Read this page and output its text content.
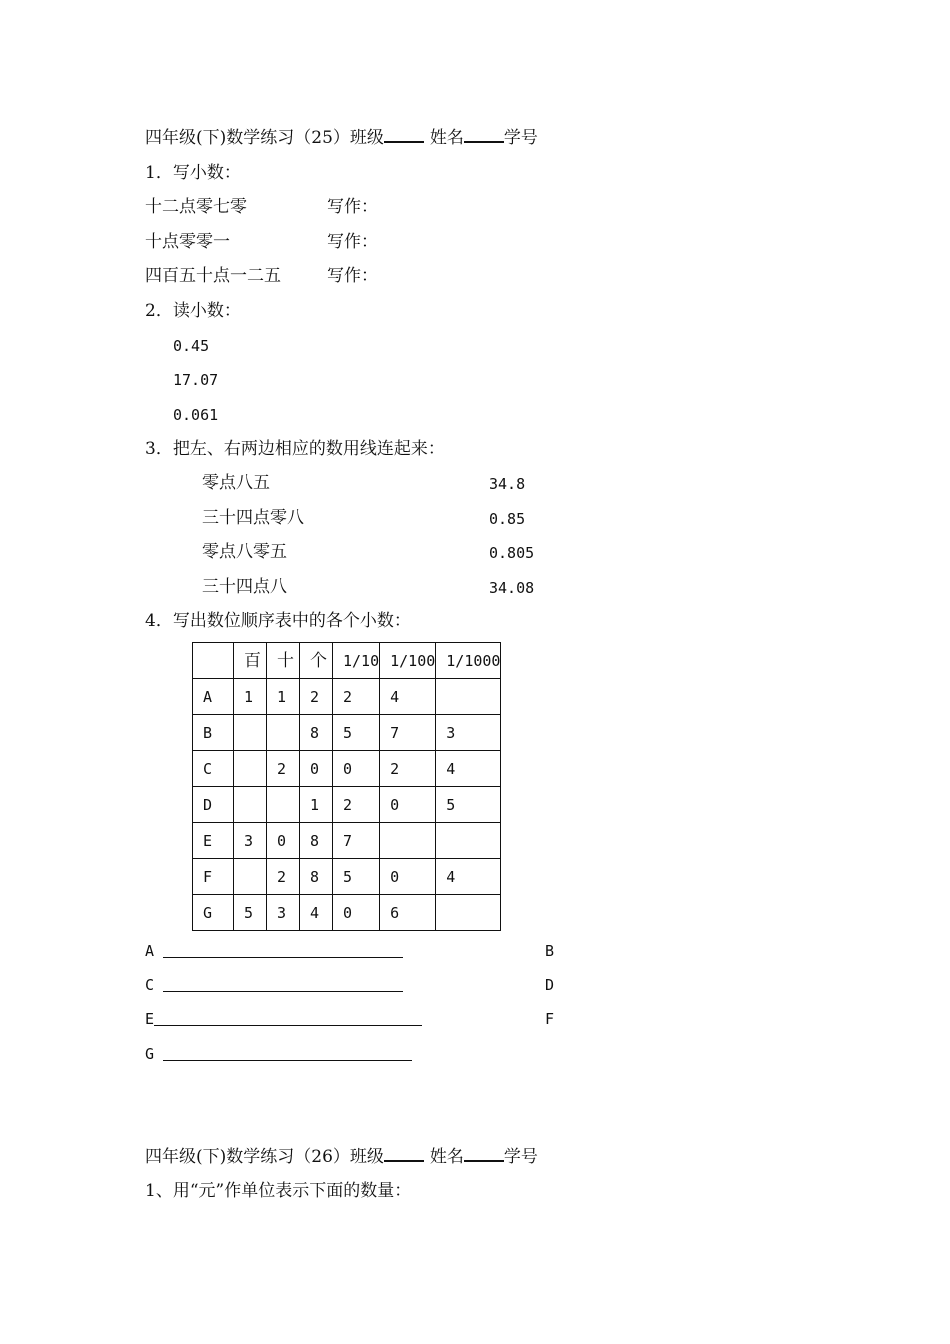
四年级(下)数学练习（25）班级	姓名 学号
1．写小数：
十二点零七零	写作：
十点零零一	写作：
四百五十点一二五	写作：
2．读小数：
0.45
17.07
0.061
3．把左、右两边相应的数用线连起来：
零点八五	34.8
三十四点零八	0.85
零点八零五	0.805
三十四点八	34.08
4．写出数位顺序表中的各个小数：
	百	十	个	1/10	1/100	1/1000
A	1	1	2	2	4	
B			8	5	7	3
C		2	0	0	2	4
D			1	2	0	5
E	3	0	8	7		
F		2	8	5	0	4
G	5	3	4	0	6	
A	B
C	D
E	F
G
四年级(下)数学练习（26）班级	姓名 学号
1、用“元”作单位表示下面的数量：
